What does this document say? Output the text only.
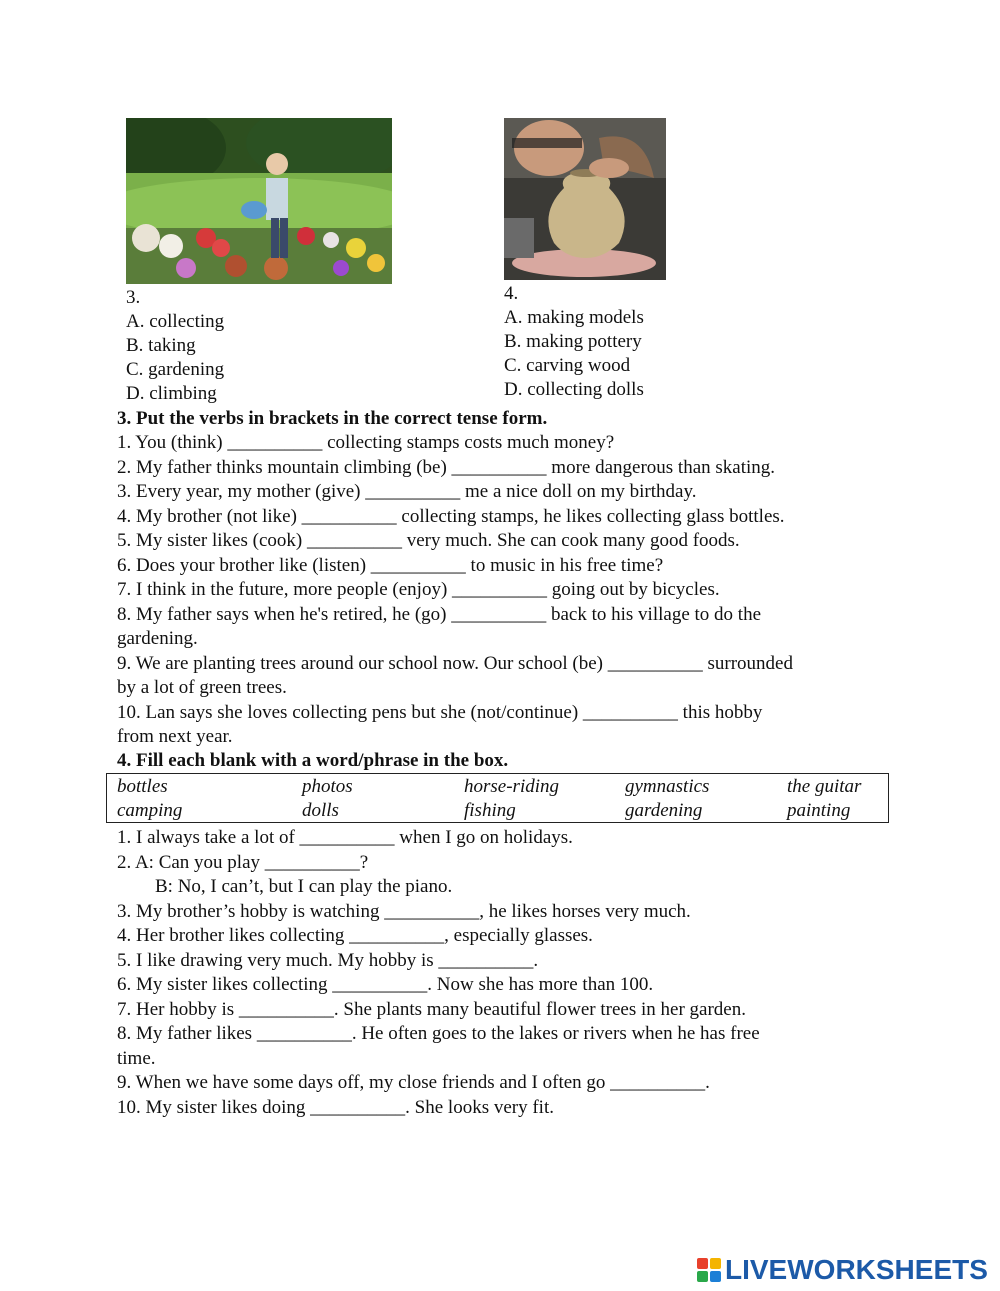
3.
A. collecting
B. taking
C. gardening
D. climbing
4.
A. making models
B. making pottery
C. carving wood
D. collecting dolls
3. Put the verbs in brackets in the correct tense form.
1. You (think) __________ collecting stamps costs much money?
2. My father thinks mountain climbing (be) __________ more dangerous than skating.
3. Every year, my mother (give) __________ me a nice doll on my birthday.
4. My brother (not like) __________ collecting stamps, he likes collecting glass bottles.
5. My sister likes (cook) __________ very much. She can cook many good foods.
6. Does your brother like (listen) __________ to music in his free time?
7. I think in the future, more people (enjoy) __________ going out by bicycles.
8. My father says when he's retired, he (go) __________ back to his village to do the
gardening.
9. We are planting trees around our school now. Our school (be) __________ surrounded
by a lot of green trees.
10. Lan says she loves collecting pens but she (not/continue) __________ this hobby
from next year.
4. Fill each blank with a word/phrase in the box.
bottles	photos	horse-riding	gymnastics	the guitar
camping	dolls	fishing	gardening	painting
1. I always take a lot of __________ when I go on holidays.
2. A: Can you play __________?
B: No, I can’t, but I can play the piano.
3. My brother’s hobby is watching __________, he likes horses very much.
4. Her brother likes collecting __________, especially glasses.
5. I like drawing very much. My hobby is __________.
6. My sister likes collecting __________. Now she has more than 100.
7. Her hobby is __________. She plants many beautiful flower trees in her garden.
8. My father likes __________. He often goes to the lakes or rivers when he has free
time.
9. When we have some days off, my close friends and I often go __________.
10. My sister likes doing __________. She looks very fit.
LIVEWORKSHEETS
